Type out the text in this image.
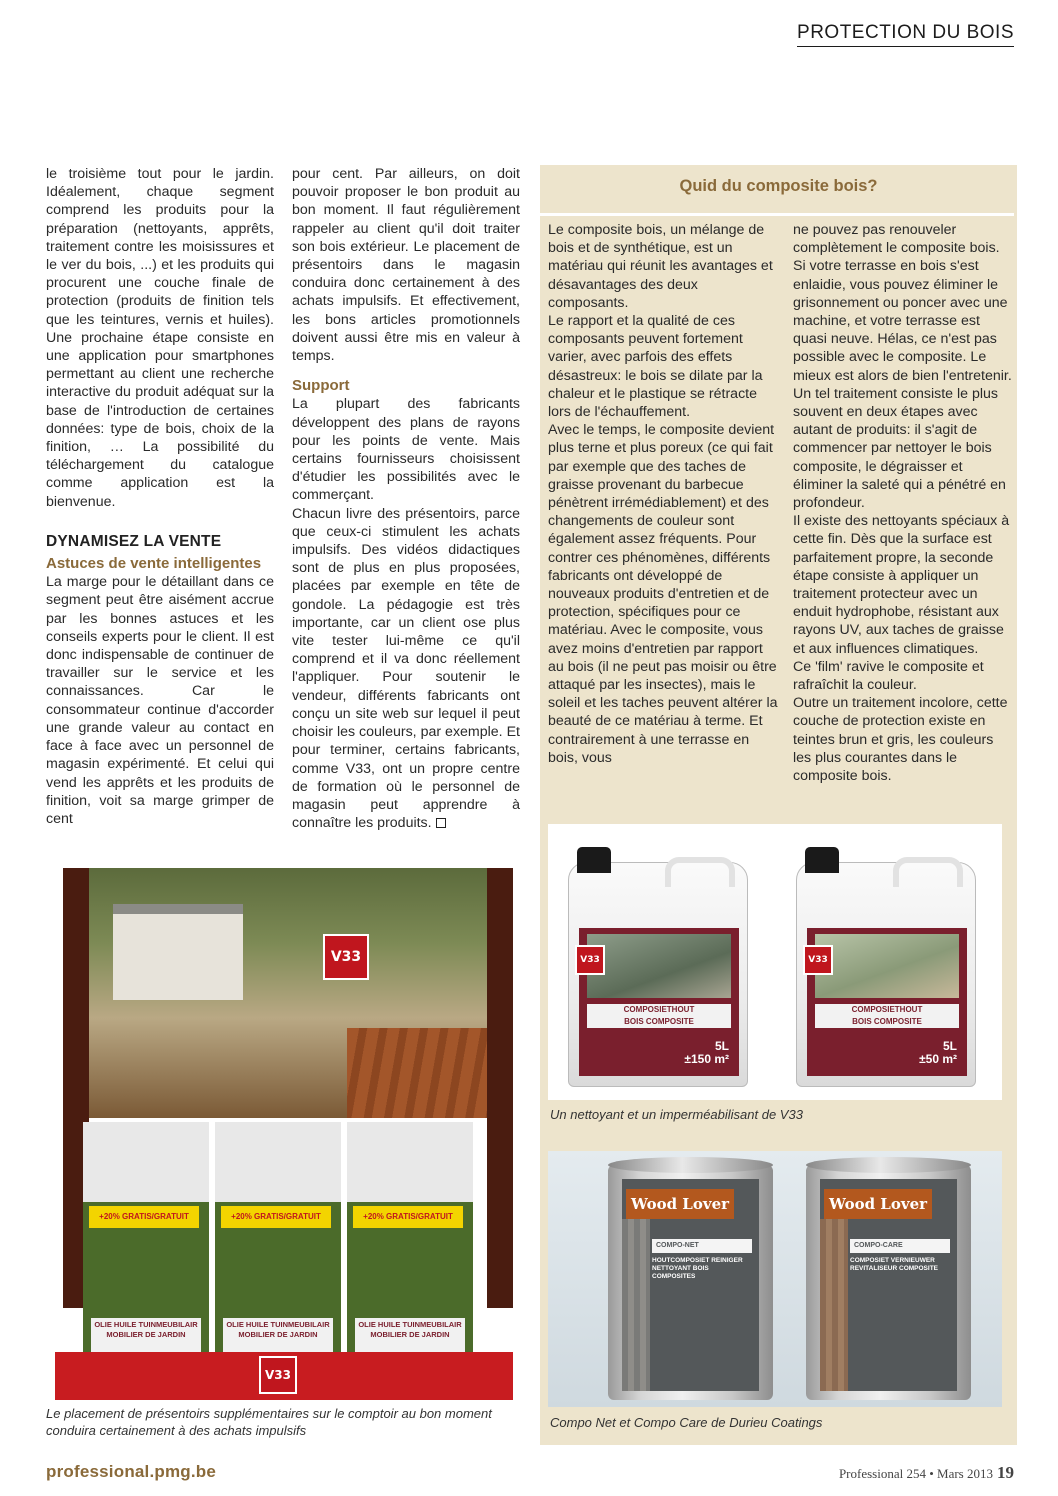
PROTECTION DU BOIS

le troisième tout pour le jardin. Idéalement, chaque segment comprend les produits pour la préparation (nettoyants, apprêts, traitement contre les moisissures et le ver du bois, ...) et les produits qui procurent une couche finale de protection (produits de finition tels que les teintures, vernis et huiles). Une prochaine étape consiste en une application pour smartphones permettant au client une recherche interactive du produit adéquat sur la base de l'introduction de certaines données: type de bois, choix de la finition, … La possibilité du téléchargement du catalogue comme application est la bienvenue.

DYNAMISEZ LA VENTE
Astuces de vente intelligentes

La marge pour le détaillant dans ce segment peut être aisément accrue par les bonnes astuces et les conseils experts pour le client. Il est donc indispensable de continuer de travailler sur le service et les connaissances. Car le consommateur continue d'accorder une grande valeur au contact en face à face avec un personnel de magasin expérimenté. Et celui qui vend les apprêts et les produits de finition, voit sa marge grimper de cent

pour cent. Par ailleurs, on doit pouvoir proposer le bon produit au bon moment. Il faut régulièrement rappeler au client qu'il doit traiter son bois extérieur. Le placement de présentoirs dans le magasin conduira donc certainement à des achats impulsifs. Et effectivement, les bons articles promotionnels doivent aussi être mis en valeur à temps.

Support

La plupart des fabricants développent des plans de rayons pour les points de vente. Mais certains fournisseurs choisissent d'étudier les possibilités avec le commerçant.

Chacun livre des présentoirs, parce que ceux-ci stimulent les achats impulsifs. Des vidéos didactiques sont de plus en plus proposées, placées par exemple en tête de gondole. La pédagogie est très importante, car un client ose plus vite tester lui-même ce qu'il comprend et il va donc réellement l'appliquer. Pour soutenir le vendeur, différents fabricants ont conçu un site web sur lequel il peut choisir les couleurs, par exemple. Et pour terminer, certains fabricants, comme V33, ont un propre centre de formation où le personnel de magasin peut apprendre à connaître les produits.

Quid du composite bois?

Le composite bois, un mélange de bois et de synthétique, est un matériau qui réunit les avantages et désavantages des deux composants.

Le rapport et la qualité de ces composants peuvent fortement varier, avec parfois des effets désastreux: le bois se dilate par la chaleur et le plastique se rétracte lors de l'échauffement.

Avec le temps, le composite devient plus terne et plus poreux (ce qui fait par exemple que des taches de graisse provenant du barbecue pénètrent irrémédiablement) et des changements de couleur sont également assez fréquents. Pour contrer ces phénomènes, différents fabricants ont développé de nouveaux produits d'entretien et de protection, spécifiques pour ce matériau. Avec le composite, vous avez moins d'entretien par rapport au bois (il ne peut pas moisir ou être attaqué par les insectes), mais le soleil et les taches peuvent altérer la beauté de ce matériau à terme. Et contrairement à une terrasse en bois, vous

ne pouvez pas renouveler complètement le composite bois. Si votre terrasse en bois s'est enlaidie, vous pouvez éliminer le grisonnement ou poncer avec une machine, et votre terrasse est quasi neuve. Hélas, ce n'est pas possible avec le composite. Le mieux est alors de bien l'entretenir.

Un tel traitement consiste le plus souvent en deux étapes avec autant de produits: il s'agit de commencer par nettoyer le bois composite, le dégraisser et éliminer la saleté qui a pénétré en profondeur.

Il existe des nettoyants spéciaux à cette fin. Dès que la surface est parfaitement propre, la seconde étape consiste à appliquer un traitement protecteur avec un enduit hydrophobe, résistant aux rayons UV, aux taches de graisse et aux influences climatiques.

Ce 'film' ravive le composite et rafraîchit la couleur.

Outre un traitement incolore, cette couche de protection existe en teintes brun et gris, les couleurs les plus courantes dans le composite bois.

COMPOSIETHOUT
BOIS COMPOSITE
5L
±150 m²
V33
COMPOSIETHOUT
BOIS COMPOSITE
5L
±50 m²
V33
Un nettoyant et un imperméabilisant de V33
Wood Lover
COMPO-NET
HOUTCOMPOSIET REINIGER NETTOYANT BOIS COMPOSITES
Wood Lover
COMPO-CARE
COMPOSIET VERNIEUWER REVITALISEUR COMPOSITE
Compo Net et Compo Care de Durieu Coatings
V33
+20% GRATIS/GRATUIT
OLIE HUILE TUINMEUBILAIR MOBILIER DE JARDIN
+20% GRATIS/GRATUIT
OLIE HUILE TUINMEUBILAIR MOBILIER DE JARDIN
+20% GRATIS/GRATUIT
OLIE HUILE TUINMEUBILAIR MOBILIER DE JARDIN
V33
Le placement de présentoirs supplémentaires sur le comptoir au bon moment conduira certainement à des achats impulsifs
professional.pmg.be	Professional 254 • Mars 2013 19
